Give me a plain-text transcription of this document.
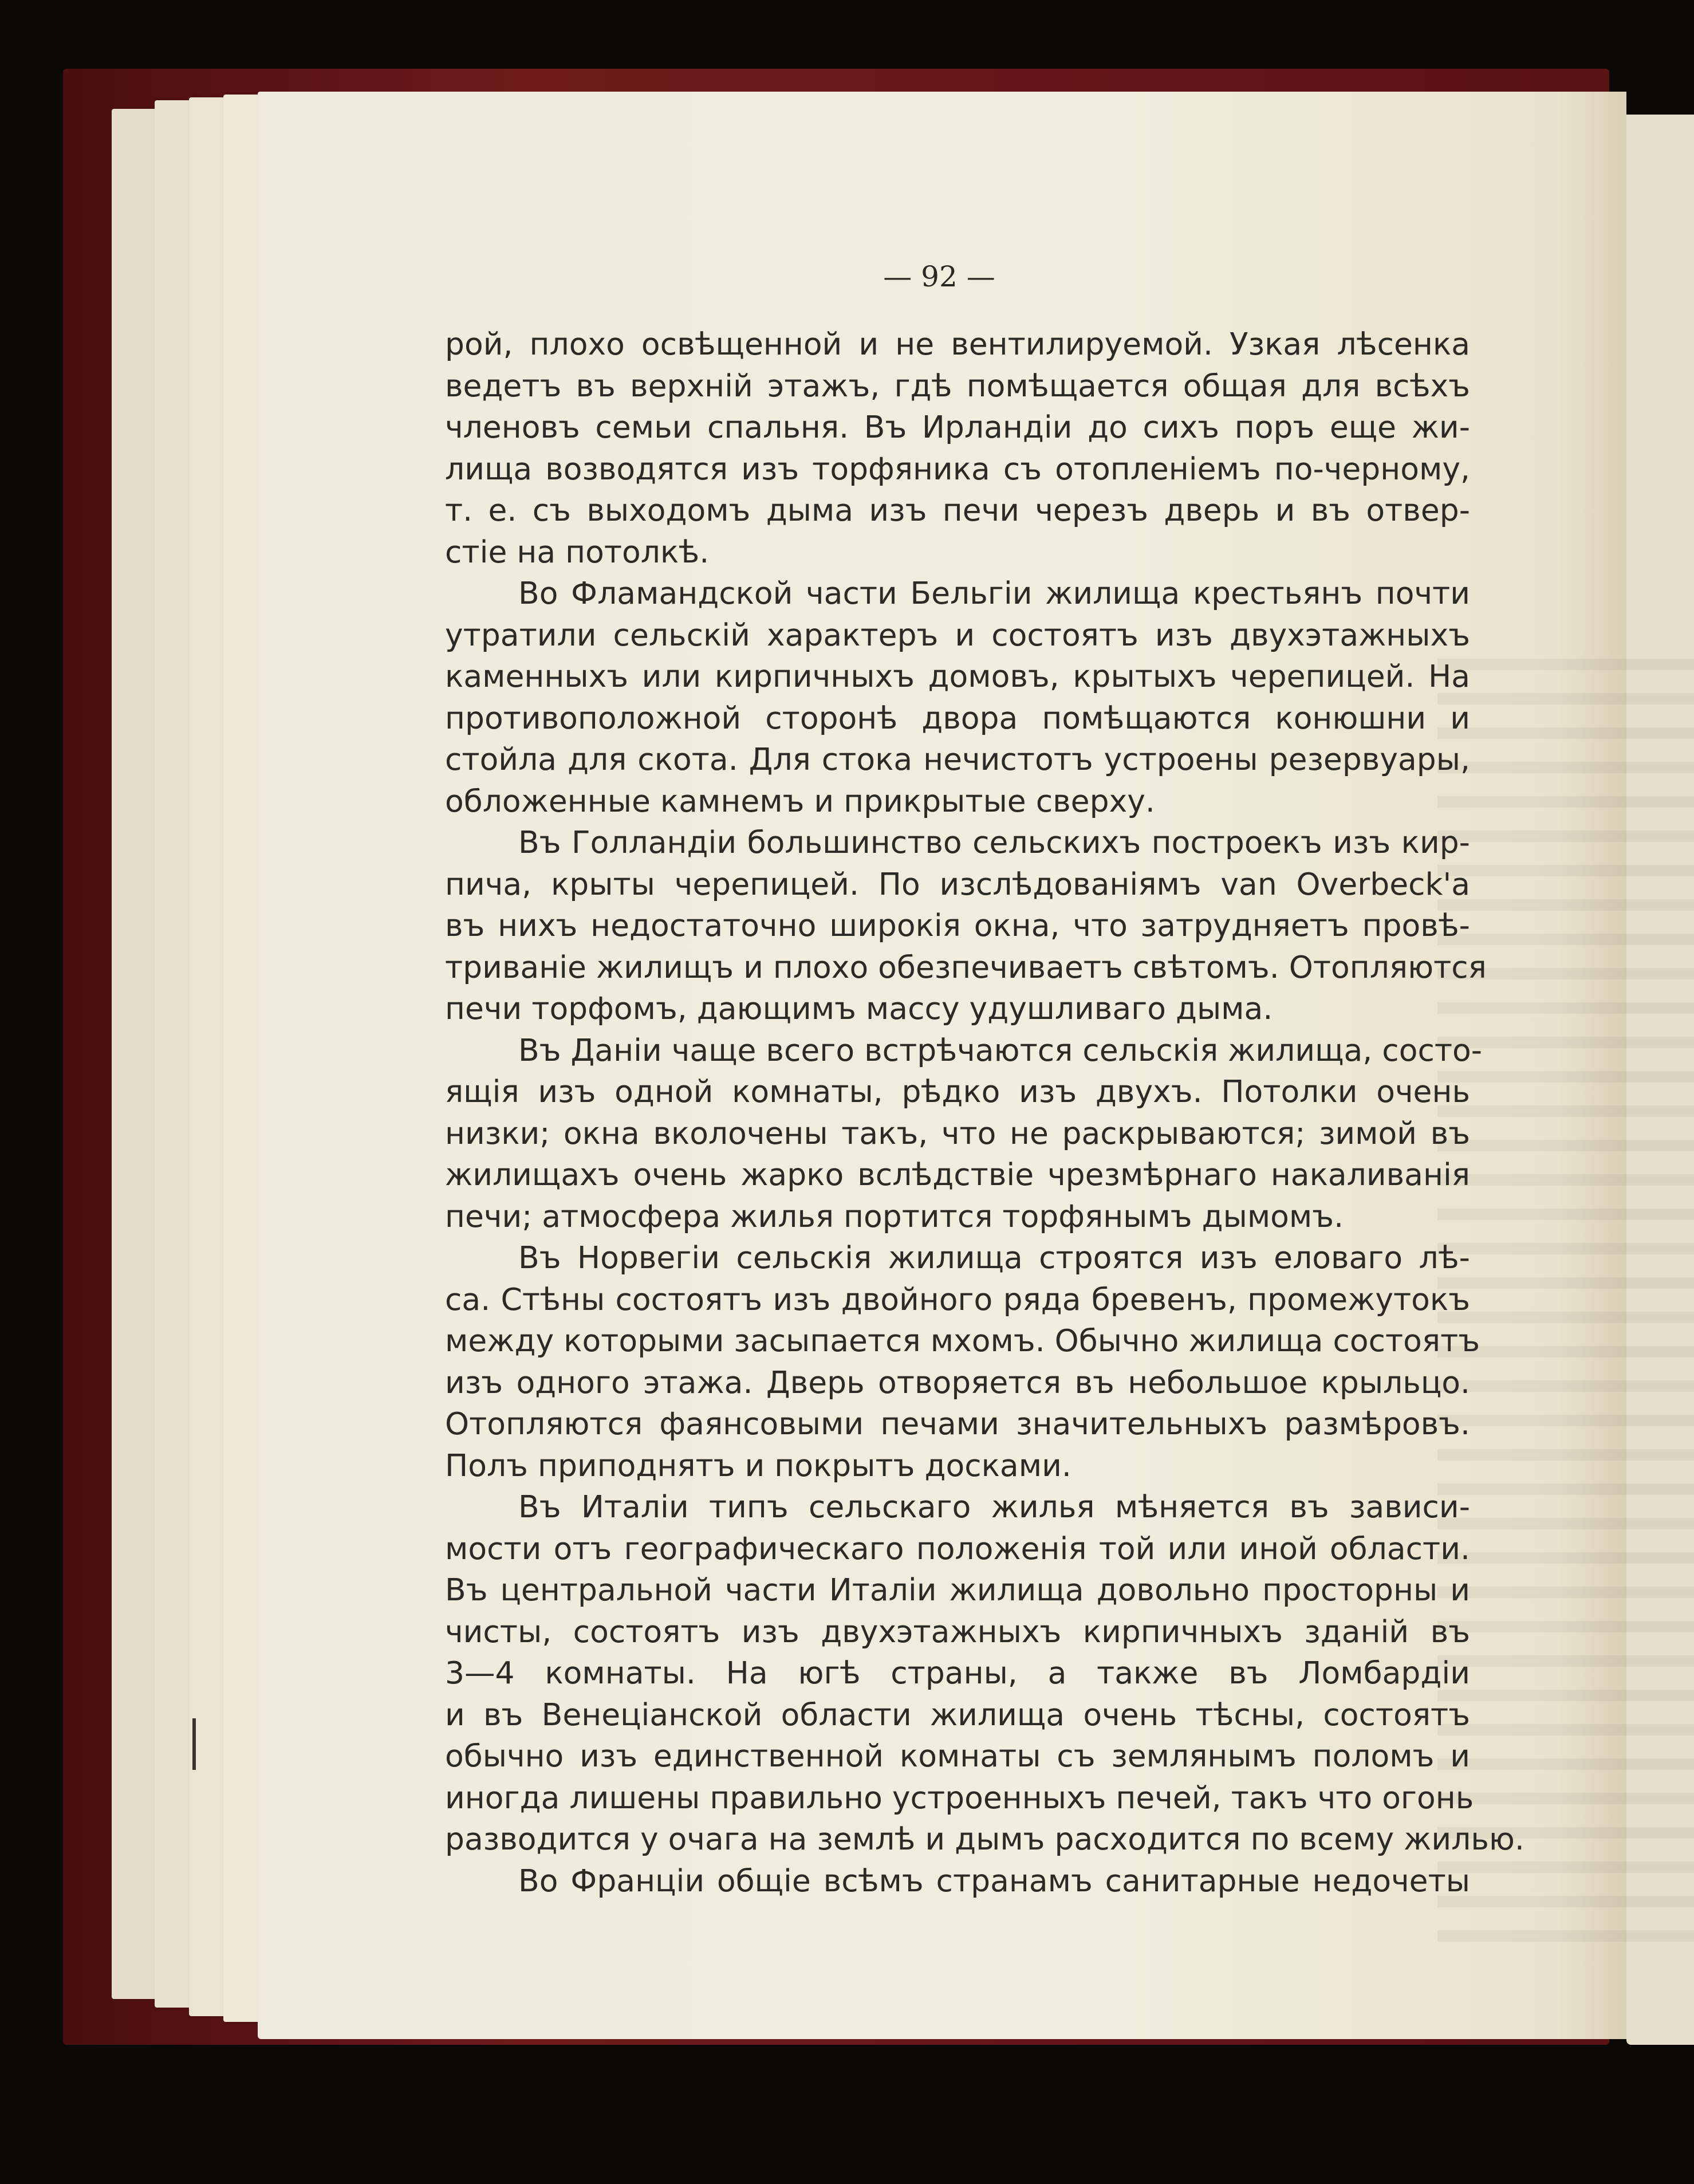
— 92 —
рой, плохо освѣщенной и не вентилируемой. Узкая лѣсенка
ведетъ въ верхній этажъ, гдѣ помѣщается общая для всѣхъ
членовъ семьи спальня. Въ Ирландіи до сихъ поръ еще жи-
лища возводятся изъ торфяника съ отопленіемъ по-черному,
т. е. съ выходомъ дыма изъ печи черезъ дверь и въ отвер-
стіе на потолкѣ.
Во Фламандской части Бельгіи жилища крестьянъ почти
утратили сельскій характеръ и состоятъ изъ двухэтажныхъ
каменныхъ или кирпичныхъ домовъ, крытыхъ черепицей. На
противоположной сторонѣ двора помѣщаются конюшни и
стойла для скота. Для стока нечистотъ устроены резервуары,
обложенные камнемъ и прикрытые сверху.
Въ Голландіи большинство сельскихъ построекъ изъ кир-
пича, крыты черепицей. По изслѣдованіямъ van Overbeck'а
въ нихъ недостаточно широкія окна, что затрудняетъ провѣ-
триваніе жилищъ и плохо обезпечиваетъ свѣтомъ. Отопляются
печи торфомъ, дающимъ массу удушливаго дыма.
Въ Даніи чаще всего встрѣчаются сельскія жилища, состо-
ящія изъ одной комнаты, рѣдко изъ двухъ. Потолки очень
низки; окна вколочены такъ, что не раскрываются; зимой въ
жилищахъ очень жарко вслѣдствіе чрезмѣрнаго накаливанія
печи; атмосфера жилья портится торфянымъ дымомъ.
Въ Норвегіи сельскія жилища строятся изъ еловаго лѣ-
са. Стѣны состоятъ изъ двойного ряда бревенъ, промежутокъ
между которыми засыпается мхомъ. Обычно жилища состоятъ
изъ одного этажа. Дверь отворяется въ небольшое крыльцо.
Отопляются фаянсовыми печами значительныхъ размѣровъ.
Полъ приподнятъ и покрытъ досками.
Въ Италіи типъ сельскаго жилья мѣняется въ зависи-
мости отъ географическаго положенія той или иной области.
Въ центральной части Италіи жилища довольно просторны и
чисты, состоятъ изъ двухэтажныхъ кирпичныхъ зданій въ
3—4 комнаты. На югѣ страны, а также въ Ломбардіи
и въ Венеціанской области жилища очень тѣсны, состоятъ
обычно изъ единственной комнаты съ землянымъ поломъ и
иногда лишены правильно устроенныхъ печей, такъ что огонь
разводится у очага на землѣ и дымъ расходится по всему жилью.
Во Франціи общіе всѣмъ странамъ санитарные недочеты
